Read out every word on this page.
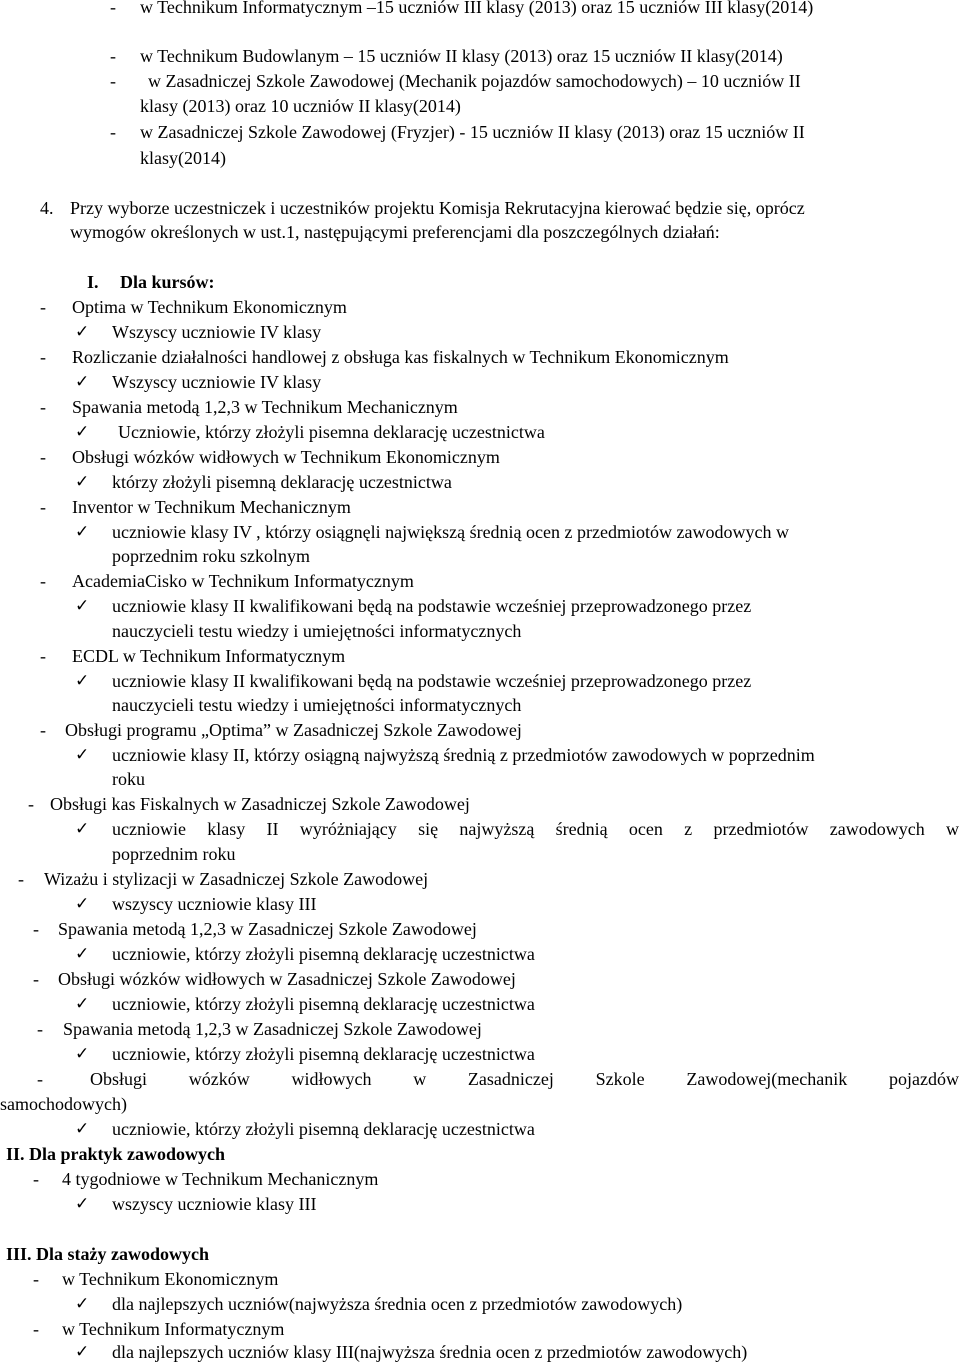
- w Technikum Informatycznym –15 uczniów III klasy (2013) oraz 15 uczniów III klasy(2014)
- w Technikum Budowlanym – 15 uczniów II klasy (2013) oraz 15 uczniów II klasy(2014)
- w Zasadniczej Szkole Zawodowej (Mechanik pojazdów samochodowych) – 10 uczniów II
klasy (2013) oraz 10 uczniów II klasy(2014)
- w Zasadniczej Szkole Zawodowej (Fryzjer) - 15 uczniów II klasy (2013) oraz 15 uczniów II
klasy(2014)
4. Przy wyborze uczestniczek i uczestników projektu Komisja Rekrutacyjna kierować będzie się, oprócz
wymogów określonych w ust.1, następującymi preferencjami dla poszczególnych działań:
I. Dla kursów:
- Optima w Technikum Ekonomicznym
✓ Wszyscy uczniowie IV klasy
- Rozliczanie działalności handlowej z obsługa kas fiskalnych w Technikum Ekonomicznym
✓ Wszyscy uczniowie IV klasy
- Spawania metodą 1,2,3 w Technikum Mechanicznym
✓ Uczniowie, którzy złożyli pisemna deklarację uczestnictwa
- Obsługi wózków widłowych w Technikum Ekonomicznym
✓ którzy złożyli pisemną deklarację uczestnictwa
- Inventor w Technikum Mechanicznym
✓ uczniowie klasy IV , którzy osiągnęli największą średnią ocen z przedmiotów zawodowych w
poprzednim roku szkolnym
- AcademiaCisko w Technikum Informatycznym
✓ uczniowie klasy II kwalifikowani będą na podstawie wcześniej przeprowadzonego przez
nauczycieli testu wiedzy i umiejętności informatycznych
- ECDL w Technikum Informatycznym
✓ uczniowie klasy II kwalifikowani będą na podstawie wcześniej przeprowadzonego przez
nauczycieli testu wiedzy i umiejętności informatycznych
- Obsługi programu „Optima” w Zasadniczej Szkole Zawodowej
✓ uczniowie klasy II, którzy osiągną najwyższą średnią z przedmiotów zawodowych w poprzednim
roku
- Obsługi kas Fiskalnych w Zasadniczej Szkole Zawodowej
✓ uczniowie klasy II wyróżniający się najwyższą średnią ocen z przedmiotów zawodowych w
poprzednim roku
- Wizażu i stylizacji w Zasadniczej Szkole Zawodowej
✓ wszyscy uczniowie klasy III
- Spawania metodą 1,2,3 w Zasadniczej Szkole Zawodowej
✓ uczniowie, którzy złożyli pisemną deklarację uczestnictwa
- Obsługi wózków widłowych w Zasadniczej Szkole Zawodowej
✓ uczniowie, którzy złożyli pisemną deklarację uczestnictwa
- Spawania metodą 1,2,3 w Zasadniczej Szkole Zawodowej
✓ uczniowie, którzy złożyli pisemną deklarację uczestnictwa
-	Obsługi wózków widłowych w Zasadniczej Szkole Zawodowej(mechanik pojazdów
samochodowych)
✓ uczniowie, którzy złożyli pisemną deklarację uczestnictwa
II. Dla praktyk zawodowych
- 4 tygodniowe w Technikum Mechanicznym
✓ wszyscy uczniowie klasy III
III. Dla staży zawodowych
- w Technikum Ekonomicznym
✓ dla najlepszych uczniów(najwyższa średnia ocen z przedmiotów zawodowych)
- w Technikum Informatycznym
✓ dla najlepszych uczniów klasy III(najwyższa średnia ocen z przedmiotów zawodowych)
